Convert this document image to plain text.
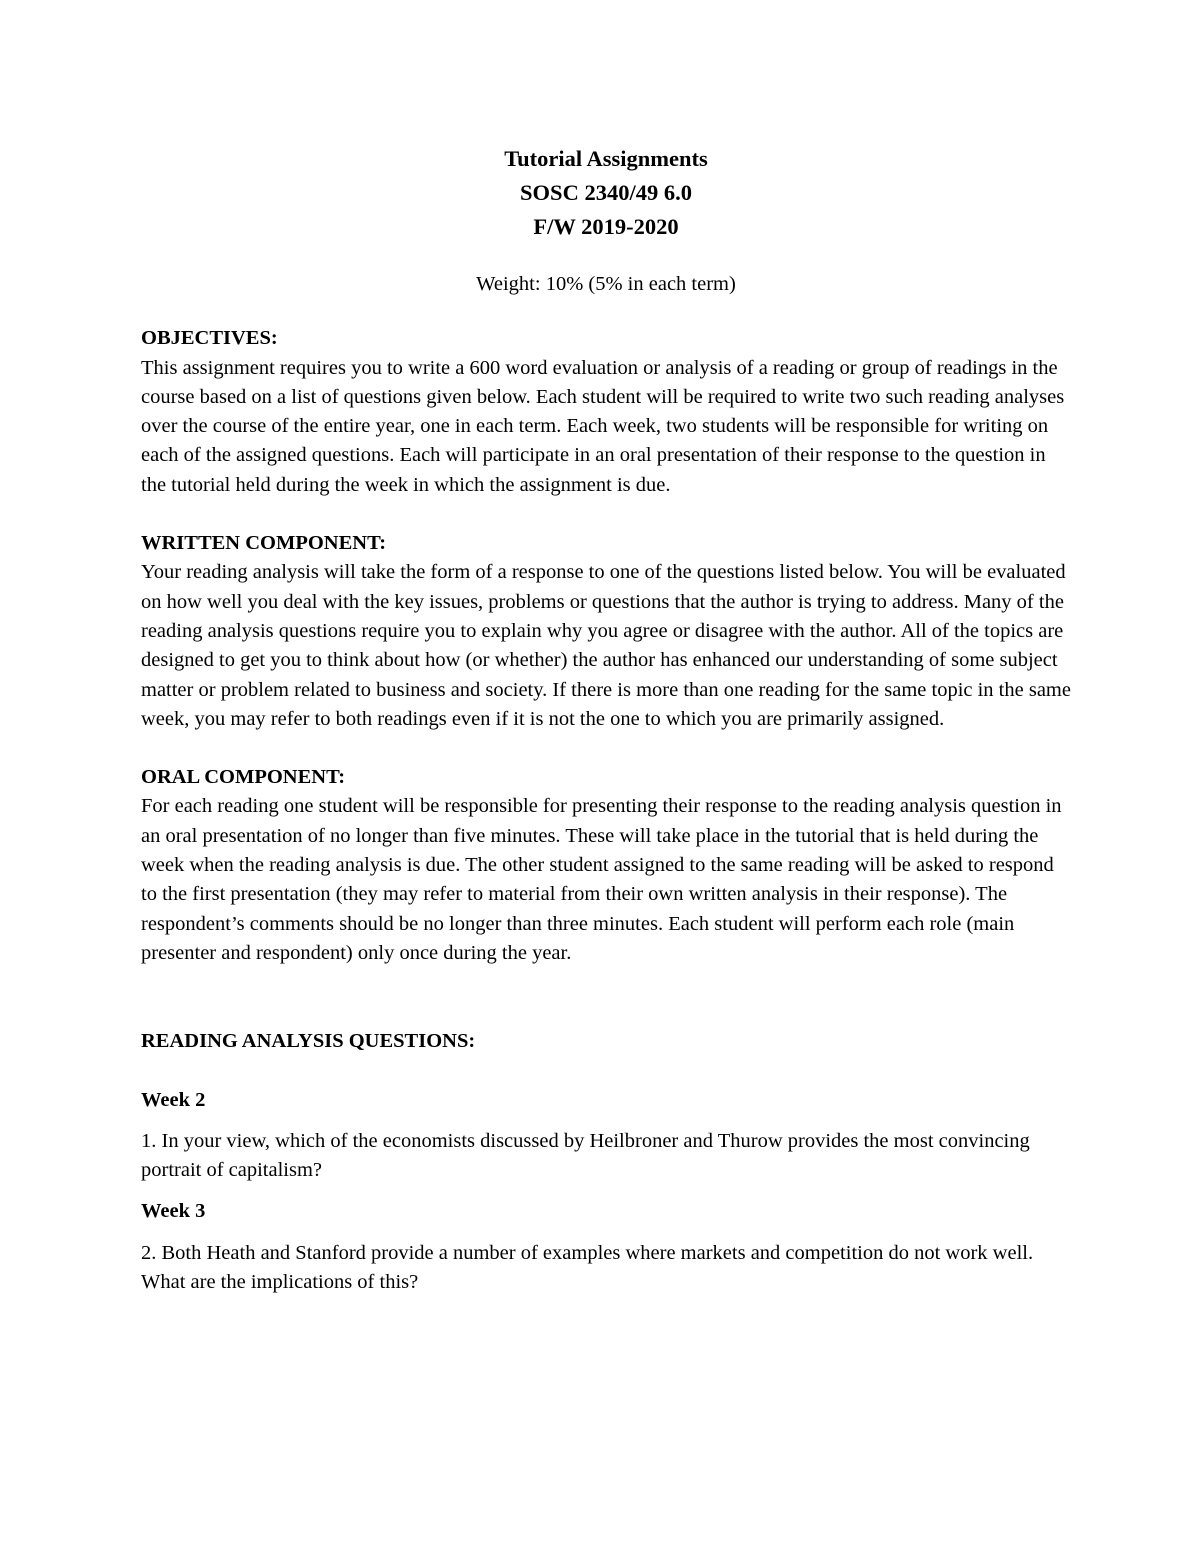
Tutorial Assignments
SOSC 2340/49 6.0
F/W 2019-2020
Weight: 10% (5% in each term)

OBJECTIVES:

This assignment requires you to write a 600 word evaluation or analysis of a reading or group of readings in the course based on a list of questions given below. Each student will be required to write two such reading analyses over the course of the entire year, one in each term. Each week, two students will be responsible for writing on each of the assigned questions. Each will participate in an oral presentation of their response to the question in the tutorial held during the week in which the assignment is due.

WRITTEN COMPONENT:

Your reading analysis will take the form of a response to one of the questions listed below. You will be evaluated on how well you deal with the key issues, problems or questions that the author is trying to address. Many of the reading analysis questions require you to explain why you agree or disagree with the author. All of the topics are designed to get you to think about how (or whether) the author has enhanced our understanding of some subject matter or problem related to business and society. If there is more than one reading for the same topic in the same week, you may refer to both readings even if it is not the one to which you are primarily assigned.

ORAL COMPONENT:

For each reading one student will be responsible for presenting their response to the reading analysis question in an oral presentation of no longer than five minutes. These will take place in the tutorial that is held during the week when the reading analysis is due. The other student assigned to the same reading will be asked to respond to the first presentation (they may refer to material from their own written analysis in their response). The respondent’s comments should be no longer than three minutes. Each student will perform each role (main presenter and respondent) only once during the year.

READING ANALYSIS QUESTIONS:

Week 2

1. In your view, which of the economists discussed by Heilbroner and Thurow provides the most convincing portrait of capitalism?

Week 3

2. Both Heath and Stanford provide a number of examples where markets and competition do not work well. What are the implications of this?
